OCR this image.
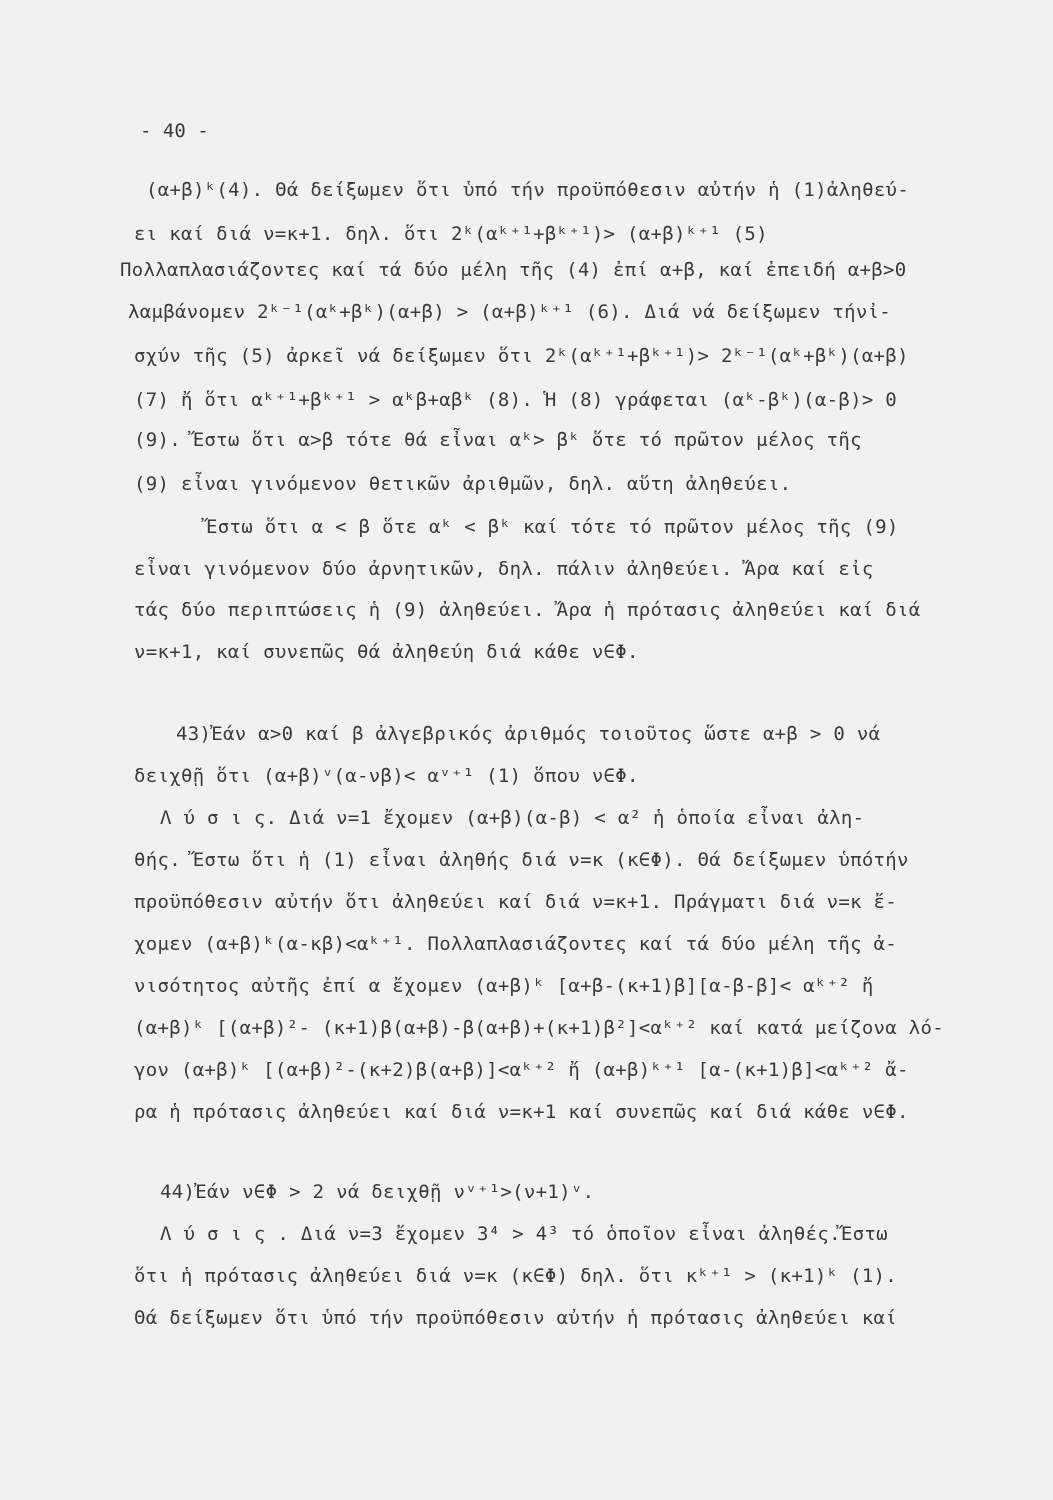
- 40 -
(α+β)ᵏ(4). Θά δείξωμεν ὅτι ὑπό τήν προϋπόθεσιν αὐτήν ἡ (1)ἀληθεύ-
ει καί διά ν=κ+1. δηλ. ὅτι 2ᵏ(αᵏ⁺¹+βᵏ⁺¹)> (α+β)ᵏ⁺¹ (5)
Πολλαπλασιάζοντες καί τά δύο μέλη τῆς (4) ἐπί α+β, καί ἐπειδή α+β>0
λαμβάνομεν 2ᵏ⁻¹(αᵏ+βᵏ)(α+β) > (α+β)ᵏ⁺¹ (6). Διά νά δείξωμεν τήνἰ-
σχύν τῆς (5) ἀρκεῖ νά δείξωμεν ὅτι 2ᵏ(αᵏ⁺¹+βᵏ⁺¹)> 2ᵏ⁻¹(αᵏ+βᵏ)(α+β)
(7) ἤ ὅτι αᵏ⁺¹+βᵏ⁺¹ > αᵏβ+αβᵏ (8). Ἡ (8) γράφεται (αᵏ-βᵏ)(α-β)> 0
(9). Ἔστω ὅτι α>β τότε θά εἶναι αᵏ> βᵏ ὅτε τό πρῶτον μέλος τῆς
(9) εἶναι γινόμενον θετικῶν ἀριθμῶν, δηλ. αὕτη ἀληθεύει.
Ἔστω ὅτι α < β ὅτε αᵏ < βᵏ καί τότε τό πρῶτον μέλος τῆς (9)
εἶναι γινόμενον δύο ἀρνητικῶν, δηλ. πάλιν ἀληθεύει. Ἄρα καί εἰς
τάς δύο περιπτώσεις ἡ (9) ἀληθεύει. Ἄρα ἡ πρότασις ἀληθεύει καί διά
ν=κ+1, καί συνεπῶς θά ἀληθεύη διά κάθε ν∈Φ.
43)Ἐάν α>0 καί β ἀλγεβρικός ἀριθμός τοιοῦτος ὥστε α+β > 0 νά
δειχθῇ ὅτι (α+β)ᵛ(α-νβ)< αᵛ⁺¹ (1) ὅπου ν∈Φ.
Λ ύ σ ι ς. Διά ν=1 ἔχομεν (α+β)(α-β) < α² ἡ ὁποία εἶναι ἀλη-
θής. Ἔστω ὅτι ἡ (1) εἶναι ἀληθής διά ν=κ (κ∈Φ). Θά δείξωμεν ὑπότήν
προϋπόθεσιν αὐτήν ὅτι ἀληθεύει καί διά ν=κ+1. Πράγματι διά ν=κ ἔ-
χομεν (α+β)ᵏ(α-κβ)<αᵏ⁺¹. Πολλαπλασιάζοντες καί τά δύο μέλη τῆς ἀ-
νισότητος αὐτῆς ἐπί α ἔχομεν (α+β)ᵏ [α+β-(κ+1)β][α-β-β]< αᵏ⁺² ἤ
(α+β)ᵏ [(α+β)²- (κ+1)β(α+β)-β(α+β)+(κ+1)β²]<αᵏ⁺² καί κατά μείζονα λό-
γον (α+β)ᵏ [(α+β)²-(κ+2)β(α+β)]<αᵏ⁺² ἤ (α+β)ᵏ⁺¹ [α-(κ+1)β]<αᵏ⁺² ἄ-
ρα ἡ πρότασις ἀληθεύει καί διά ν=κ+1 καί συνεπῶς καί διά κάθε ν∈Φ.
44)Ἐάν ν∈Φ > 2 νά δειχθῇ νᵛ⁺¹>(ν+1)ᵛ.
Λ ύ σ ι ς . Διά ν=3 ἔχομεν 3⁴ > 4³ τό ὁποῖον εἶναι ἀληθές.Ἔστω
ὅτι ἡ πρότασις ἀληθεύει διά ν=κ (κ∈Φ) δηλ. ὅτι κᵏ⁺¹ > (κ+1)ᵏ (1).
Θά δείξωμεν ὅτι ὑπό τήν προϋπόθεσιν αὐτήν ἡ πρότασις ἀληθεύει καί
